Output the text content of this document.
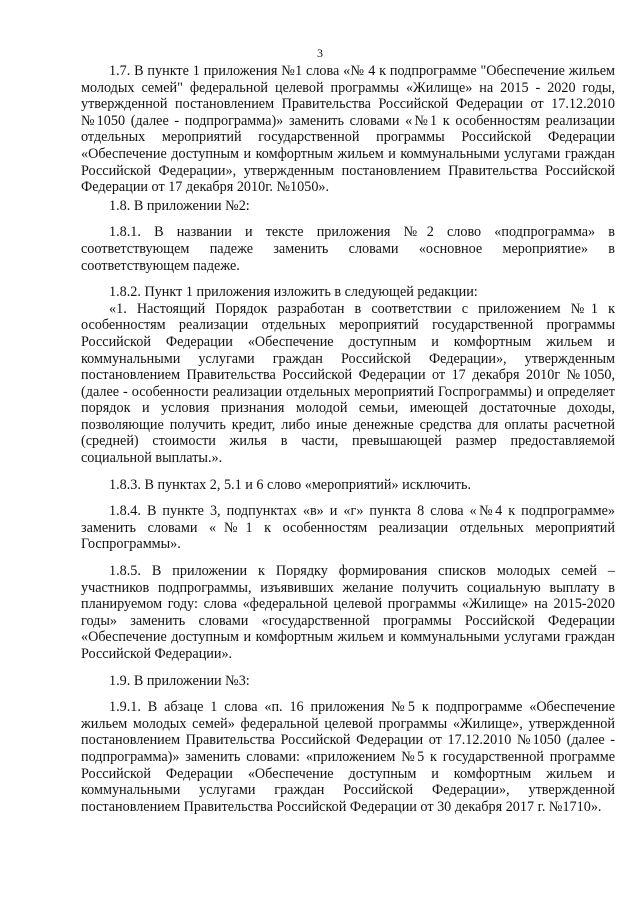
3

1.7. В пункте 1 приложения №1 слова «№ 4 к подпрограмме "Обеспечение жильем молодых семей" федеральной целевой программы «Жилище» на 2015 - 2020 годы, утвержденной постановлением Правительства Российской Федерации от 17.12.2010 №1050 (далее - подпрограмма)» заменить словами «№1 к особенностям реализации отдельных мероприятий государственной программы Российской Федерации «Обеспечение доступным и комфортным жильем и коммунальными услугами граждан Российской Федерации», утвержденным постановлением Правительства Российской Федерации от 17 декабря 2010г. №1050».

1.8. В приложении №2:

1.8.1. В названии и тексте приложения №2 слово «подпрограмма» в соответствующем падеже заменить словами «основное мероприятие» в соответствующем падеже.

1.8.2. Пункт 1 приложения изложить в следующей редакции:

«1. Настоящий Порядок разработан в соответствии с приложением №1 к особенностям реализации отдельных мероприятий государственной программы Российской Федерации «Обеспечение доступным и комфортным жильем и коммунальными услугами граждан Российской Федерации», утвержденным постановлением Правительства Российской Федерации от 17 декабря 2010г №1050, (далее - особенности реализации отдельных мероприятий Госпрограммы) и определяет порядок и условия признания молодой семьи, имеющей достаточные доходы, позволяющие получить кредит, либо иные денежные средства для оплаты расчетной (средней) стоимости жилья в части, превышающей размер предоставляемой социальной выплаты.».

1.8.3. В пунктах 2, 5.1 и 6 слово «мероприятий» исключить.

1.8.4. В пункте 3, подпунктах «в» и «г» пункта 8 слова «№4 к подпрограмме» заменить словами «№1 к особенностям реализации отдельных мероприятий Госпрограммы».

1.8.5. В приложении к Порядку формирования списков молодых семей – участников подпрограммы, изъявивших желание получить социальную выплату в планируемом году: слова «федеральной целевой программы «Жилище» на 2015-2020 годы» заменить словами «государственной программы Российской Федерации «Обеспечение доступным и комфортным жильем и коммунальными услугами граждан Российской Федерации».

1.9. В приложении №3:

1.9.1. В абзаце 1 слова «п. 16 приложения №5 к подпрограмме «Обеспечение жильем молодых семей» федеральной целевой программы «Жилище», утвержденной постановлением Правительства Российской Федерации от 17.12.2010 №1050 (далее - подпрограмма)» заменить словами: «приложением №5 к государственной программе Российской Федерации «Обеспечение доступным и комфортным жильем и коммунальными услугами граждан Российской Федерации», утвержденной постановлением Правительства Российской Федерации от 30 декабря 2017 г. №1710».
